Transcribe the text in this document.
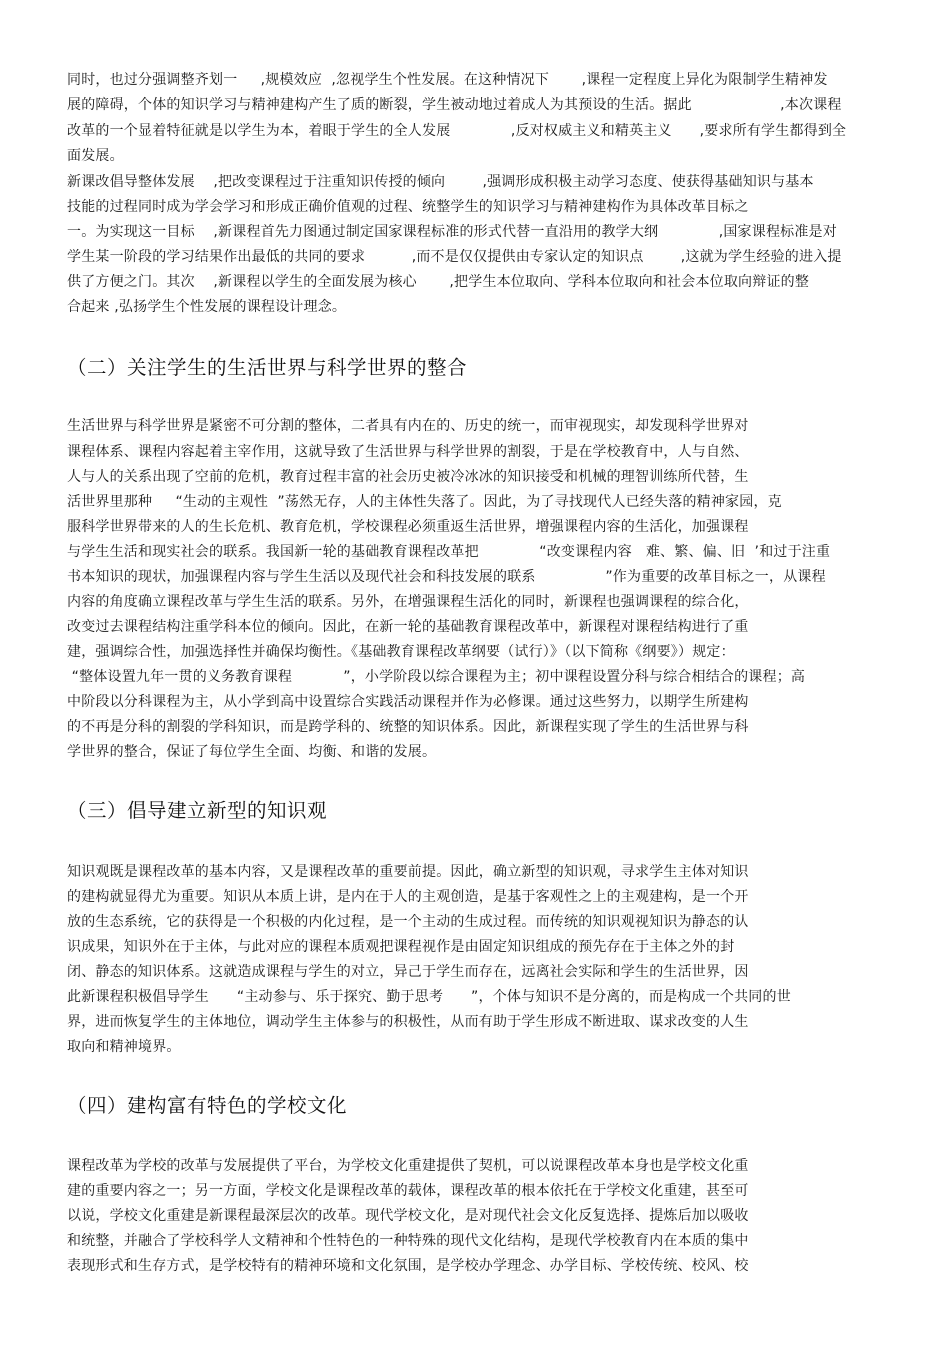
同时，也过分强调整齐划一     ,规模效应  ,忽视学生个性发展。在这种情况下       ,课程一定程度上异化为限制学生精神发
展的障碍，个体的知识学习与精神建构产生了质的断裂，学生被动地过着成人为其预设的生活。据此                   ,本次课程
改革的一个显着特征就是以学生为本，着眼于学生的全人发展             ,反对权威主义和精英主义      ,要求所有学生都得到全
面发展。
新课改倡导整体发展    ,把改变课程过于注重知识传授的倾向        ,强调形成积极主动学习态度、使获得基础知识与基本
技能的过程同时成为学会学习和形成正确价值观的过程、统整学生的知识学习与精神建构作为具体改革目标之
一。为实现这一目标    ,新课程首先力图通过制定国家课程标准的形式代替一直沿用的教学大纲             ,国家课程标准是对
学生某一阶段的学习结果作出最低的共同的要求          ,而不是仅仅提供由专家认定的知识点        ,这就为学生经验的进入提
供了方便之门。其次    ,新课程以学生的全面发展为核心       ,把学生本位取向、学科本位取向和社会本位取向辩证的整
合起来 ,弘扬学生个性发展的课程设计理念。
（二）关注学生的生活世界与科学世界的整合
生活世界与科学世界是紧密不可分割的整体，二者具有内在的、历史的统一，而审视现实，却发现科学世界对
课程体系、课程内容起着主宰作用，这就导致了生活世界与科学世界的割裂，于是在学校教育中，人与自然、
人与人的关系出现了空前的危机，教育过程丰富的社会历史被冷冰冰的知识接受和机械的理智训练所代替，生
活世界里那种     “生动的主观性  ”荡然无存，人的主体性失落了。因此，为了寻找现代人已经失落的精神家园，克
服科学世界带来的人的生长危机、教育危机，学校课程必须重返生活世界，增强课程内容的生活化，加强课程
与学生生活和现实社会的联系。我国新一轮的基础教育课程改革把             “改变课程内容   难、繁、偏、旧  ’和过于注重
书本知识的现状，加强课程内容与学生生活以及现代社会和科技发展的联系               ”作为重要的改革目标之一，从课程
内容的角度确立课程改革与学生生活的联系。另外，在增强课程生活化的同时，新课程也强调课程的综合化，
改变过去课程结构注重学科本位的倾向。因此，在新一轮的基础教育课程改革中，新课程对课程结构进行了重
建，强调综合性，加强选择性并确保均衡性。《基础教育课程改革纲要（试行）》（以下简称《纲要》）规定：
“整体设置九年一贯的义务教育课程           ”，小学阶段以综合课程为主；初中课程设置分科与综合相结合的课程；高
中阶段以分科课程为主，从小学到高中设置综合实践活动课程并作为必修课。通过这些努力，以期学生所建构
的不再是分科的割裂的学科知识，而是跨学科的、统整的知识体系。因此，新课程实现了学生的生活世界与科
学世界的整合，保证了每位学生全面、均衡、和谐的发展。
（三）倡导建立新型的知识观
知识观既是课程改革的基本内容，又是课程改革的重要前提。因此，确立新型的知识观，寻求学生主体对知识
的建构就显得尤为重要。知识从本质上讲，是内在于人的主观创造，是基于客观性之上的主观建构，是一个开
放的生态系统，它的获得是一个积极的内化过程，是一个主动的生成过程。而传统的知识观视知识为静态的认
识成果，知识外在于主体，与此对应的课程本质观把课程视作是由固定知识组成的预先存在于主体之外的封
闭、静态的知识体系。这就造成课程与学生的对立，异己于学生而存在，远离社会实际和学生的生活世界，因
此新课程积极倡导学生      “主动参与、乐于探究、勤于思考      ”，个体与知识不是分离的，而是构成一个共同的世
界，进而恢复学生的主体地位，调动学生主体参与的积极性，从而有助于学生形成不断进取、谋求改变的人生
取向和精神境界。
（四）建构富有特色的学校文化
课程改革为学校的改革与发展提供了平台，为学校文化重建提供了契机，可以说课程改革本身也是学校文化重
建的重要内容之一；另一方面，学校文化是课程改革的载体，课程改革的根本依托在于学校文化重建，甚至可
以说，学校文化重建是新课程最深层次的改革。现代学校文化，是对现代社会文化反复选择、提炼后加以吸收
和统整，并融合了学校科学人文精神和个性特色的一种特殊的现代文化结构，是现代学校教育内在本质的集中
表现形式和生存方式，是学校特有的精神环境和文化氛围，是学校办学理念、办学目标、学校传统、校风、校
